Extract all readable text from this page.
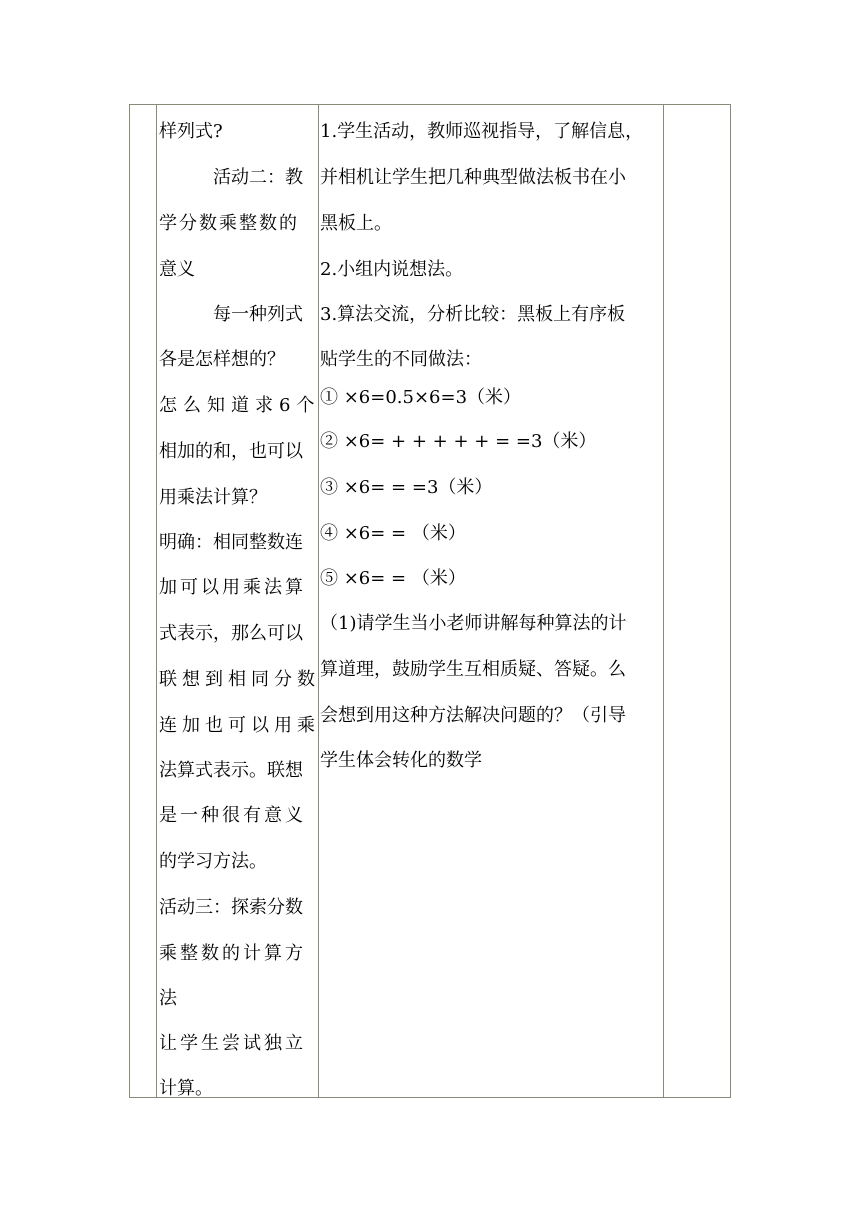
样列式?
活动二：教
学分数乘整数的
意义
每一种列式
各是怎样想的？
怎么知道求6个
相加的和，也可以
用乘法计算？
明确：相同整数连
加可以用乘法算
式表示，那么可以
联想到相同分数
连加也可以用乘
法算式表示。联想
是一种很有意义
的学习方法。
活动三：探索分数
乘整数的计算方
法
让学生尝试独立
计算。
1.学生活动，教师巡视指导，了解信息，
并相机让学生把几种典型做法板书在小
黑板上。
2.小组内说想法。
3.算法交流，分析比较：黑板上有序板
贴学生的不同做法：
① ×6=0.5×6=3（米）
② ×6= + + + + + = =3（米）
③ ×6= = =3（米）
④ ×6= = （米）
⑤ ×6= = （米）
（1)请学生当小老师讲解每种算法的计
算道理，鼓励学生互相质疑、答疑。么
会想到用这种方法解决问题的？（引导
学生体会转化的数学
